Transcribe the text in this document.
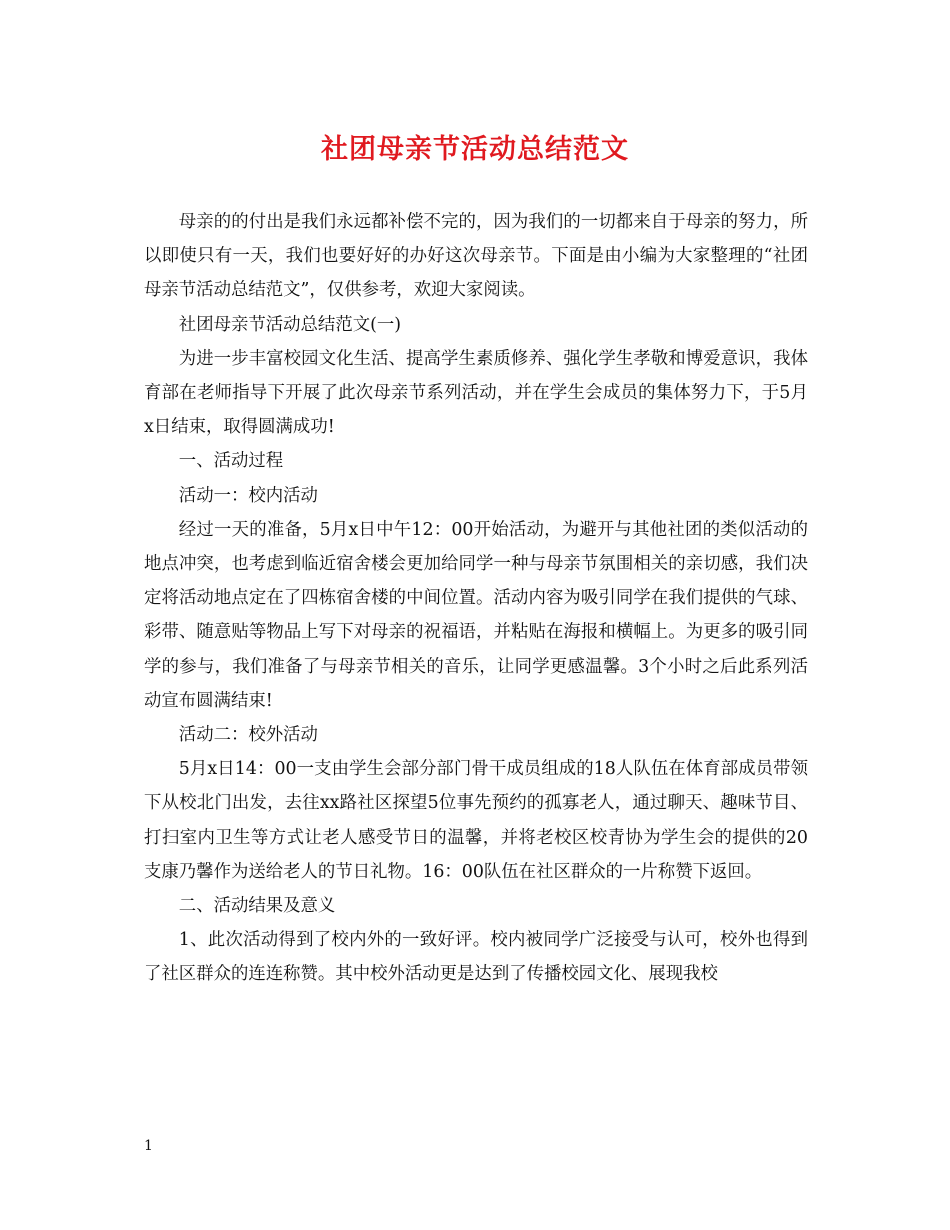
社团母亲节活动总结范文

母亲的的付出是我们永远都补偿不完的，因为我们的一切都来自于母亲的努力，所以即使只有一天，我们也要好好的办好这次母亲节。下面是由小编为大家整理的“社团母亲节活动总结范文”，仅供参考，欢迎大家阅读。

社团母亲节活动总结范文(一)

为进一步丰富校园文化生活、提高学生素质修养、强化学生孝敬和博爱意识，我体育部在老师指导下开展了此次母亲节系列活动，并在学生会成员的集体努力下，于5月x日结束，取得圆满成功!

一、活动过程

活动一：校内活动

经过一天的准备，5月x日中午12：00开始活动，为避开与其他社团的类似活动的地点冲突，也考虑到临近宿舍楼会更加给同学一种与母亲节氛围相关的亲切感，我们决定将活动地点定在了四栋宿舍楼的中间位置。活动内容为吸引同学在我们提供的气球、彩带、随意贴等物品上写下对母亲的祝福语，并粘贴在海报和横幅上。为更多的吸引同学的参与，我们准备了与母亲节相关的音乐，让同学更感温馨。3个小时之后此系列活动宣布圆满结束!

活动二：校外活动

5月x日14：00一支由学生会部分部门骨干成员组成的18人队伍在体育部成员带领下从校北门出发，去往xx路社区探望5位事先预约的孤寡老人，通过聊天、趣味节目、打扫室内卫生等方式让老人感受节日的温馨，并将老校区校青协为学生会的提供的20支康乃馨作为送给老人的节日礼物。16：00队伍在社区群众的一片称赞下返回。

二、活动结果及意义

1、此次活动得到了校内外的一致好评。校内被同学广泛接受与认可，校外也得到了社区群众的连连称赞。其中校外活动更是达到了传播校园文化、展现我校

1
